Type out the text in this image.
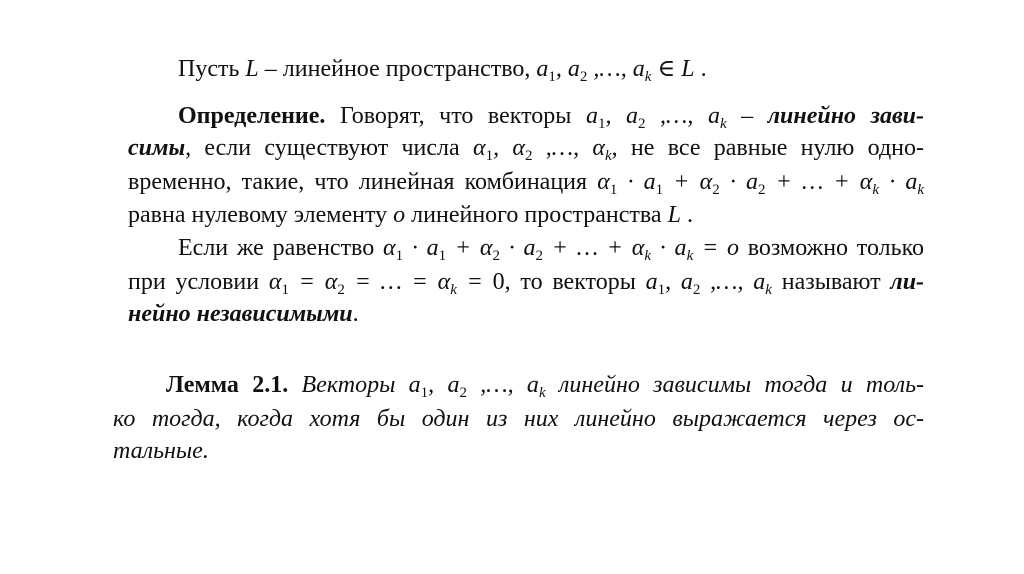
Пусть L – линейное пространство, $a_1$, $a_2$ ,…, $a_k$ ∈ L .
Определение. Говорят, что векторы $a_1$, $a_2$ ,…, $a_k$ – линейно зави-
симы, если существуют числа $\alpha_1$, $\alpha_2$ ,…, $\alpha_k$, не все равные нулю одно-
временно, такие, что линейная комбинация $\alpha_1 \cdot a_1 + \alpha_2 \cdot a_2$ + … + $\alpha_k \cdot a_k$
равна нулевому элементу o линейного пространства L .
Если же равенство $\alpha_1 \cdot a_1 + \alpha_2 \cdot a_2$ + … + $\alpha_k \cdot a_k = o$ возможно только
при условии $\alpha_1 = \alpha_2$ = … = $\alpha_k = 0$, то векторы $a_1$, $a_2$ ,…, $a_k$ называют ли-
нейно независимыми.
Лемма 2.1. Векторы $a_1$, $a_2$ ,…, $a_k$ линейно зависимы тогда и толь-
ко тогда, когда хотя бы один из них линейно выражается через ос-
тальные.
